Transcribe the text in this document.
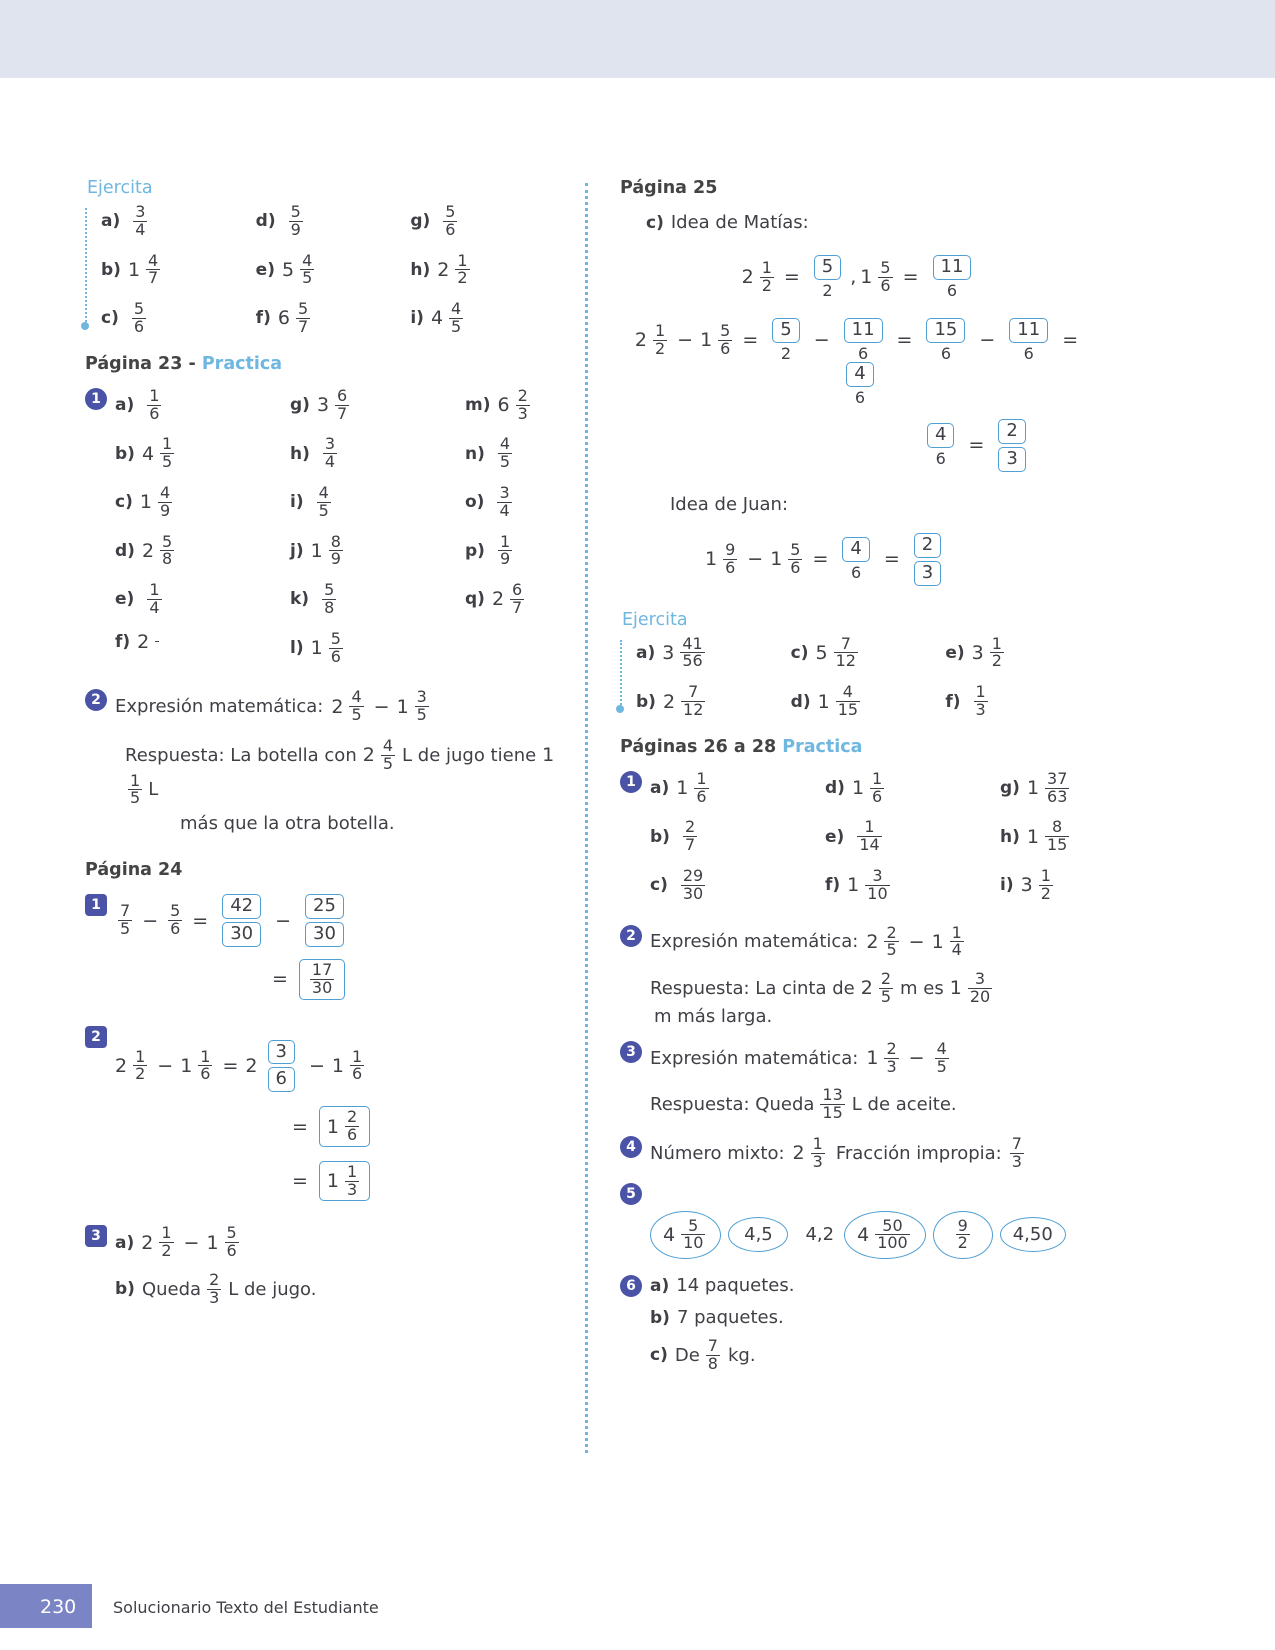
Ejercita
$a) \frac{3}{4}$	$d) \frac{5}{9}$	$g) \frac{5}{6}$
b) $1 \frac{4}{7}$	e) $5 \frac{4}{5}$	h) $2 \frac{1}{2}$
$c) \frac{5}{6}$	f) $6 \frac{5}{7}$	i) $4 \frac{4}{5}$
Página 23 - Practica
1 $a) \frac{1}{6}$	g) $3 \frac{6}{7}$	m) $6 \frac{2}{3}$
b) $4 \frac{1}{5}$	$h) \frac{3}{4}$	$n) \frac{4}{5}$
c) $1 \frac{4}{9}$	$i) \frac{4}{5}$	$o) \frac{3}{4}$
d) $2 \frac{5}{8}$	j) $1 \frac{8}{9}$	$p) \frac{1}{9}$
$e) \frac{1}{4}$	$k) \frac{5}{8}$	q) $2 \frac{6}{7}$
f) 2	l) $1 \frac{5}{6}$
2 Expresión matemática: $2 \frac{4}{5} - 1 \frac{3}{5}$
Respuesta: La botella con $2 \frac{4}{5}$ L de jugo tiene 1
$\frac{1}{5}$ L
más que la otra botella.
Página 24
1	$\frac{7}{5} - \frac{5}{6} = \frac{42}{30} - \frac{25}{30}$
= $\frac{17}{30}$
2
$2 \frac{1}{2} - 1 \frac{1}{6} = 2$
3
6
− $1 \frac{1}{6}$
= $1 \frac{2}{6}$
= $1 \frac{1}{3}$
3 a) $2 \frac{1}{2} - 1 \frac{5}{6}$
b) Queda $\frac{2}{3}$ L de jugo.
Página 25
c) Idea de Matías:
$2 \frac{1}{2} = \frac{5}{2}$ , $1 \frac{5}{6} = \frac{11}{6}$
$2 \frac{1}{2} - 1 \frac{5}{6} = \frac{5}{2} - \frac{11}{6} = \frac{15}{6} - \frac{11}{6}$ =
$\frac{4}{6}$
$\frac{4}{6} = \frac{2}{3}$
Idea de Juan:
$1 \frac{9}{6} - 1 \frac{5}{6} = \frac{4}{6} = \frac{2}{3}$
Ejercita
a) $3 \frac{41}{56}$	c) $5 \frac{7}{12}$	e) $3 \frac{1}{2}$
b) $2 \frac{7}{12}$	d) $1 \frac{4}{15}$	$f) \frac{1}{3}$
Páginas 26 a 28 Practica
1 a) $1 \frac{1}{6}$	d) $1 \frac{1}{6}$	g) $1 \frac{37}{63}$
$b) \frac{2}{7}$	$e) \frac{1}{14}$	h) $1 \frac{8}{15}$
$c) \frac{29}{30}$	f) $1 \frac{3}{10}$	i) $3 \frac{1}{2}$
2 Expresión matemática: $2 \frac{2}{5} - 1 \frac{1}{4}$
Respuesta: La cinta de $2 \frac{2}{5}$ m es $1 \frac{3}{20}$
m más larga.
3 Expresión matemática: $1 \frac{2}{3} - \frac{4}{5}$
Respuesta: Queda $\frac{13}{15}$ L de aceite.
4 Número mixto: $2 \frac{1}{3}$ Fracción impropia: $\frac{7}{3}$
5
$4 \frac{5}{10}$	4,5	4,2 $4 \frac{50}{100}$	$\frac{9}{2}$	4,50
6 a) 14 paquetes.
b) 7 paquetes.
c) De $\frac{7}{8}$ kg.
230 Solucionario Texto del Estudiante
